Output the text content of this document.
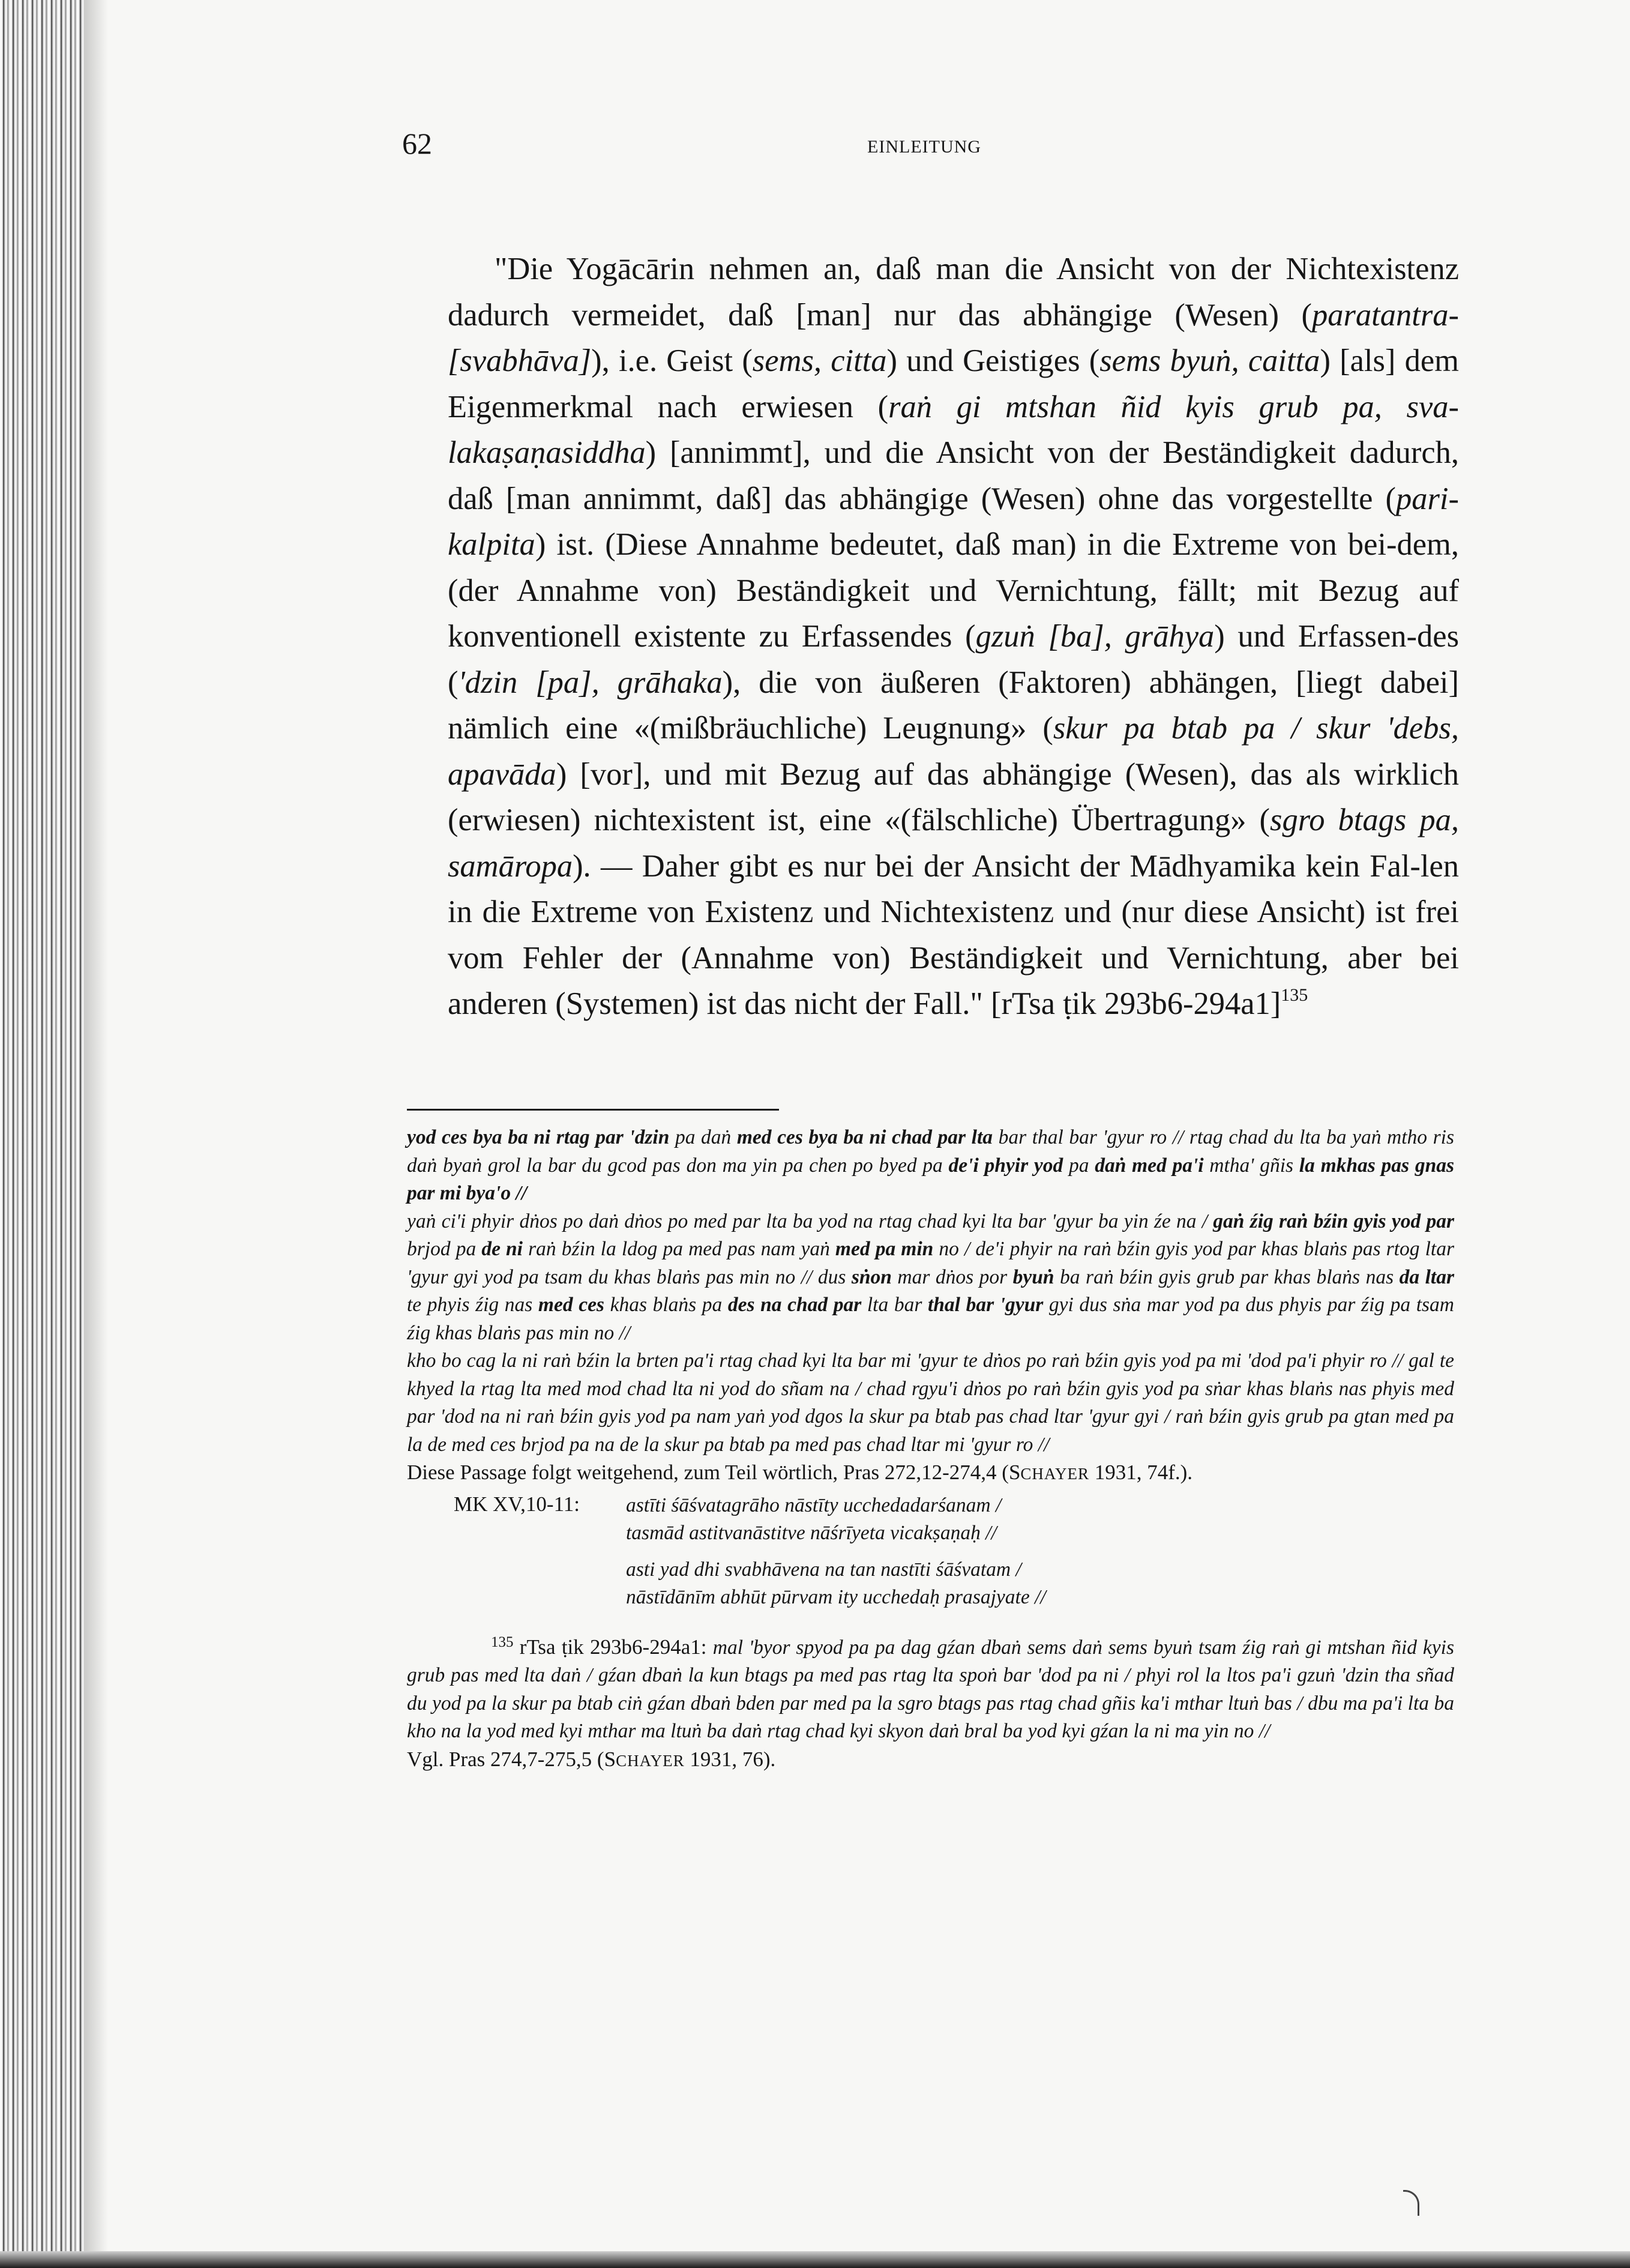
62	EINLEITUNG

"Die Yogācārin nehmen an, daß man die Ansicht von der Nichtexistenz dadurch vermeidet, daß [man] nur das abhängige (Wesen) (paratantra-[svabhāva]), i.e. Geist (sems, citta) und Geistiges (sems byuṅ, caitta) [als] dem Eigenmerkmal nach erwiesen (raṅ gi mtshan ñid kyis grub pa, sva-lakaṣaṇasiddha) [annimmt], und die Ansicht von der Beständigkeit dadurch, daß [man annimmt, daß] das abhängige (Wesen) ohne das vorgestellte (pari-kalpita) ist. (Diese Annahme bedeutet, daß man) in die Extreme von bei-dem, (der Annahme von) Beständigkeit und Vernichtung, fällt; mit Bezug auf konventionell existente zu Erfassendes (gzuṅ [ba], grāhya) und Erfassen-des ('dzin [pa], grāhaka), die von äußeren (Faktoren) abhängen, [liegt dabei] nämlich eine «(mißbräuchliche) Leugnung» (skur pa btab pa / skur 'debs, apavāda) [vor], und mit Bezug auf das abhängige (Wesen), das als wirklich (erwiesen) nichtexistent ist, eine «(fälschliche) Übertragung» (sgro btags pa, samāropa). — Daher gibt es nur bei der Ansicht der Mādhyamika kein Fal-len in die Extreme von Existenz und Nichtexistenz und (nur diese Ansicht) ist frei vom Fehler der (Annahme von) Beständigkeit und Vernichtung, aber bei anderen (Systemen) ist das nicht der Fall." [rTsa ṭik 293b6-294a1]$^{135}$

yod ces bya ba ni rtag par 'dzin pa daṅ med ces bya ba ni chad par lta bar thal bar 'gyur ro // rtag chad du lta ba yaṅ mtho ris daṅ byaṅ grol la bar du gcod pas don ma yin pa chen po byed pa de'i phyir yod pa daṅ med pa'i mtha' gñis la mkhas pas gnas par mi bya'o //

yaṅ ci'i phyir dṅos po daṅ dṅos po med par lta ba yod na rtag chad kyi lta bar 'gyur ba yin źe na / gaṅ źig raṅ bźin gyis yod par brjod pa de ni raṅ bźin la ldog pa med pas nam yaṅ med pa min no / de'i phyir na raṅ bźin gyis yod par khas blaṅs pas rtog ltar 'gyur gyi yod pa tsam du khas blaṅs pas min no // dus sṅon mar dṅos por byuṅ ba raṅ bźin gyis grub par khas blaṅs nas da ltar te phyis źig nas med ces khas blaṅs pa des na chad par lta bar thal bar 'gyur gyi dus sṅa mar yod pa dus phyis par źig pa tsam źig khas blaṅs pas min no //

kho bo cag la ni raṅ bźin la brten pa'i rtag chad kyi lta bar mi 'gyur te dṅos po raṅ bźin gyis yod pa mi 'dod pa'i phyir ro // gal te khyed la rtag lta med mod chad lta ni yod do sñam na / chad rgyu'i dṅos po raṅ bźin gyis yod pa sṅar khas blaṅs nas phyis med par 'dod na ni raṅ bźin gyis yod pa nam yaṅ yod dgos la skur pa btab pas chad ltar 'gyur gyi / raṅ bźin gyis grub pa gtan med pa la de med ces brjod pa na de la skur pa btab pa med pas chad ltar mi 'gyur ro //

Diese Passage folgt weitgehend, zum Teil wörtlich, Pras 272,12-274,4 (SCHAYER 1931, 74f.).

MK XV,10-11: astīti śāśvatagrāho nāstīty ucchedadarśanam /
tasmād astitvanāstitve nāśrīyeta vicakṣaṇaḥ //
asti yad dhi svabhāvena na tan nastīti śāśvatam /
nāstīdānīm abhūt pūrvam ity ucchedaḥ prasajyate //

$^{135}$ rTsa ṭik 293b6-294a1: mal 'byor spyod pa pa dag gźan dbaṅ sems daṅ sems byuṅ tsam źig raṅ gi mtshan ñid kyis grub pas med lta daṅ / gźan dbaṅ la kun btags pa med pas rtag lta spoṅ bar 'dod pa ni / phyi rol la ltos pa'i gzuṅ 'dzin tha sñad du yod pa la skur pa btab ciṅ gźan dbaṅ bden par med pa la sgro btags pas rtag chad gñis ka'i mthar ltuṅ bas / dbu ma pa'i lta ba kho na la yod med kyi mthar ma ltuṅ ba daṅ rtag chad kyi skyon daṅ bral ba yod kyi gźan la ni ma yin no //

Vgl. Pras 274,7-275,5 (SCHAYER 1931, 76).
